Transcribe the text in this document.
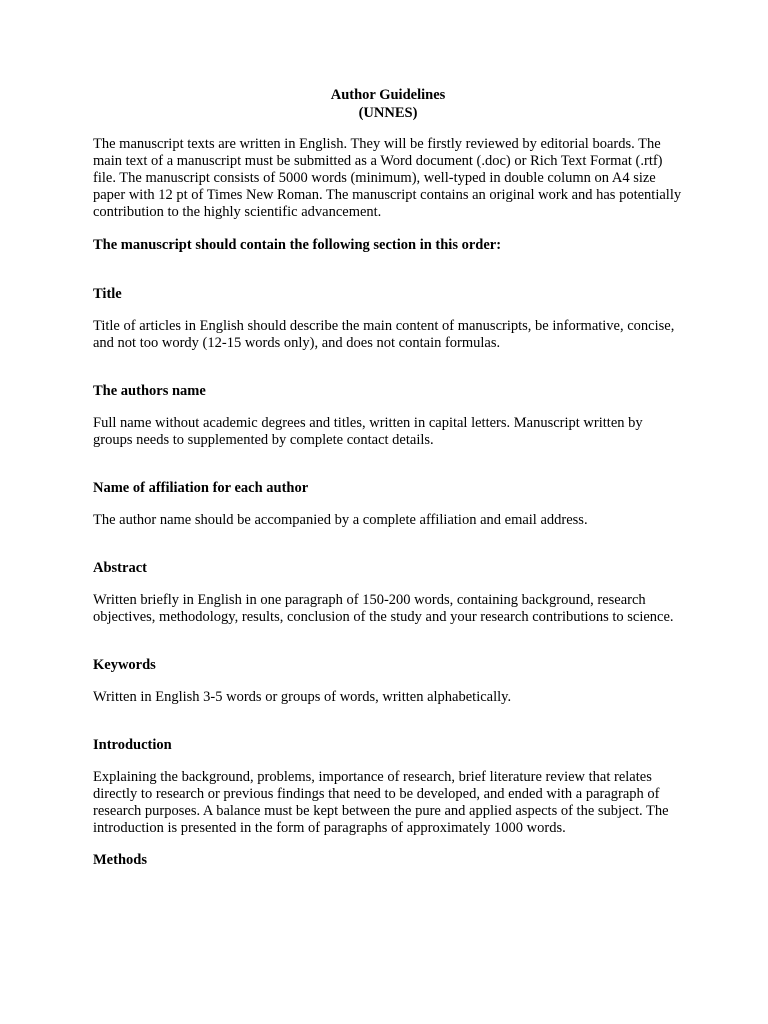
Author Guidelines
(UNNES)

The manuscript texts are written in English. They will be firstly reviewed by editorial boards. The main text of a manuscript must be submitted as a Word document (.doc) or Rich Text Format (.rtf) file. The manuscript consists of 5000 words (minimum), well-typed in double column on A4 size paper with 12 pt of Times New Roman. The manuscript contains an original work and has potentially contribution to the highly scientific advancement.

The manuscript should contain the following section in this order:

Title

Title of articles in English should describe the main content of manuscripts, be informative, concise, and not too wordy (12-15 words only), and does not contain formulas.

The authors name

Full name without academic degrees and titles, written in capital letters. Manuscript written by groups needs to supplemented by complete contact details.

Name of affiliation for each author

The author name should be accompanied by a complete affiliation and email address.

Abstract

Written briefly in English in one paragraph of 150-200 words, containing background, research objectives, methodology, results, conclusion of the study and your research contributions to science.

Keywords

Written in English 3-5 words or groups of words, written alphabetically.

Introduction

Explaining the background, problems, importance of research, brief literature review that relates directly to research or previous findings that need to be developed, and ended with a paragraph of research purposes. A balance must be kept between the pure and applied aspects of the subject. The introduction is presented in the form of paragraphs of approximately 1000 words.

Methods
